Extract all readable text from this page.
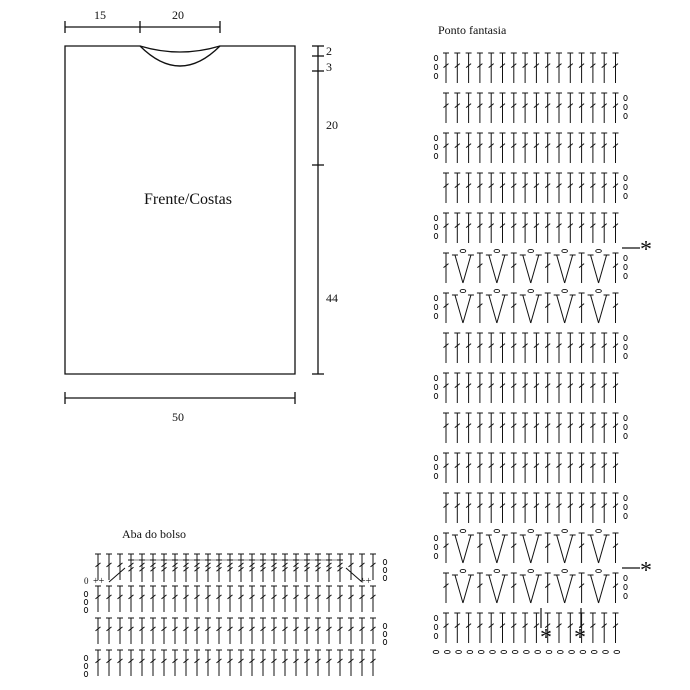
Frente/Costas
15	20
2
3
20
44
50
Ponto fantasia
*
*
* *
Aba do bolso
0 ++	++
